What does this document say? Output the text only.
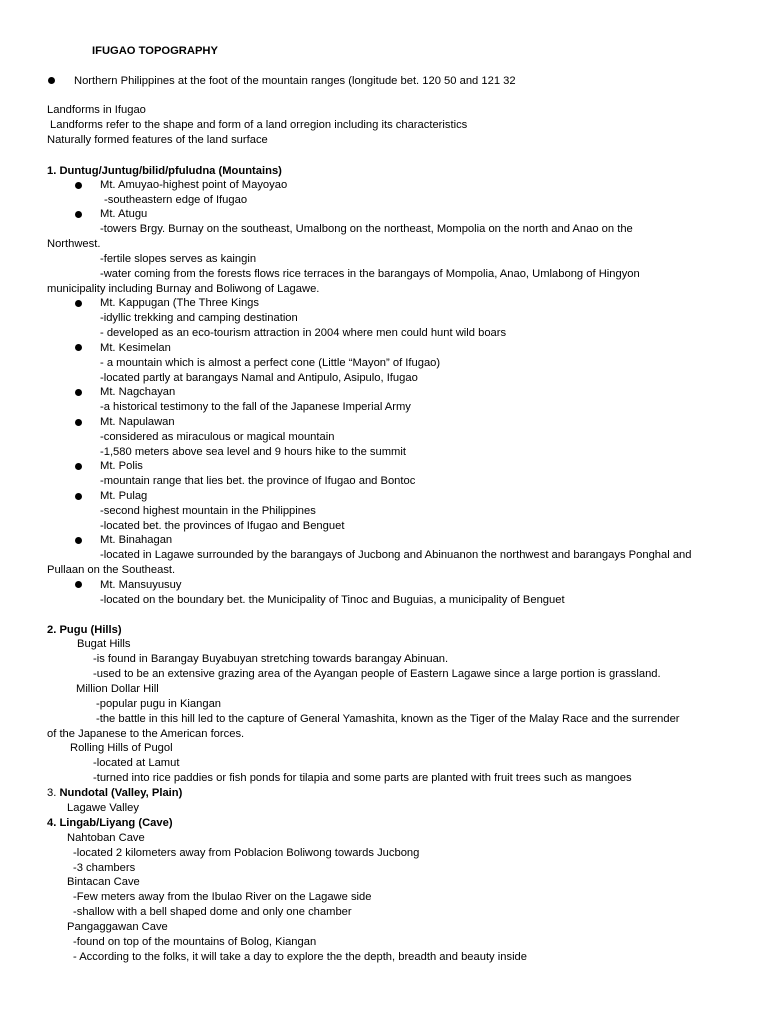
IFUGAO TOPOGRAPHY
Northern Philippines at the foot of the mountain ranges (longitude bet. 120 50 and 121 32
Landforms in Ifugao
Landforms refer to the shape and form of a land orregion including its characteristics
Naturally formed features of the land surface
1. Duntug/Juntug/bilid/pfuludna (Mountains)
Mt. Amuyao-highest point of Mayoyao
-southeastern edge of Ifugao
Mt. Atugu
-towers Brgy. Burnay on the southeast, Umalbong on the northeast, Mompolia on the north and Anao on the
Northwest.
-fertile slopes serves as kaingin
-water coming from the forests flows rice terraces in the barangays of Mompolia, Anao, Umlabong of Hingyon
municipality including Burnay and Boliwong of Lagawe.
Mt. Kappugan (The Three Kings
-idyllic trekking and camping destination
- developed as an eco-tourism attraction in 2004 where men could hunt wild boars
Mt. Kesimelan
- a mountain which is almost a perfect cone (Little “Mayon” of Ifugao)
-located partly at barangays Namal and Antipulo, Asipulo, Ifugao
Mt. Nagchayan
-a historical testimony to the fall of the Japanese Imperial Army
Mt. Napulawan
-considered as miraculous or magical mountain
-1,580 meters above sea level and 9 hours hike to the summit
Mt. Polis
-mountain range that lies bet. the province of Ifugao and Bontoc
Mt. Pulag
-second highest mountain in the Philippines
-located bet. the provinces of Ifugao and Benguet
Mt. Binahagan
-located in Lagawe surrounded by the barangays of Jucbong and Abinuanon the northwest and barangays Ponghal and
Pullaan on the Southeast.
Mt. Mansuyusuy
-located on the boundary bet. the Municipality of Tinoc and Buguias, a municipality of Benguet
2. Pugu (Hills)
Bugat Hills
-is found in Barangay Buyabuyan stretching towards barangay Abinuan.
-used to be an extensive grazing area of the Ayangan people of Eastern Lagawe since a large portion is grassland.
Million Dollar Hill
-popular pugu in Kiangan
-the battle in this hill led to the capture of General Yamashita, known as the Tiger of the Malay Race and the surrender
of the Japanese to the American forces.
Rolling Hills of Pugol
-located at Lamut
-turned into rice paddies or fish ponds for tilapia and some parts are planted with fruit trees such as mangoes
3. Nundotal (Valley, Plain)
Lagawe Valley
4. Lingab/Liyang (Cave)
Nahtoban Cave
-located 2 kilometers away from Poblacion Boliwong towards Jucbong
-3 chambers
Bintacan Cave
-Few meters away from the Ibulao River on the Lagawe side
-shallow with a bell shaped dome and only one chamber
Pangaggawan Cave
-found on top of the mountains of Bolog, Kiangan
- According to the folks, it will take a day to explore the the depth, breadth and beauty inside
